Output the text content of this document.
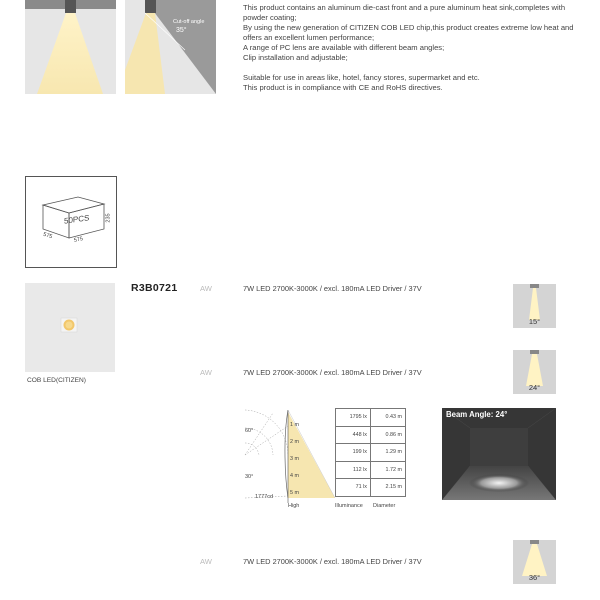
Cut-off angle
35°

This product contains an aluminum die-cast front and a pure aluminum heat sink,completes with powder coating;

By using the new generation of CITIZEN COB LED chip,this product creates extreme low heat and offers an excellent lumen performance;

A range of PC lens are available with different beam angles;

Clip installation and adjustable;

Suitable for use in areas like, hotel, fancy stores, supermarket and etc.

This product is in compliance with CE and RoHS directives.

50PCS
575	575
235
COB LED(CITIZEN)
R3B0721	AW	7W LED 2700K-3000K / excl. 180mA LED Driver / 37V
15°
AW	7W LED 2700K-3000K / excl. 180mA LED Driver / 37V
24°
60°
30°
1777cd
1 m
2 m
3 m
4 m
5 m
1795 lx	0.43 m
448 lx	0.86 m
199 lx	1.29 m
112 lx	1.72 m
71 lx	2.15 m
High	Illuminance Diameter
Beam Angle: 24°
AW	7W LED 2700K-3000K / excl. 180mA LED Driver / 37V
36°
